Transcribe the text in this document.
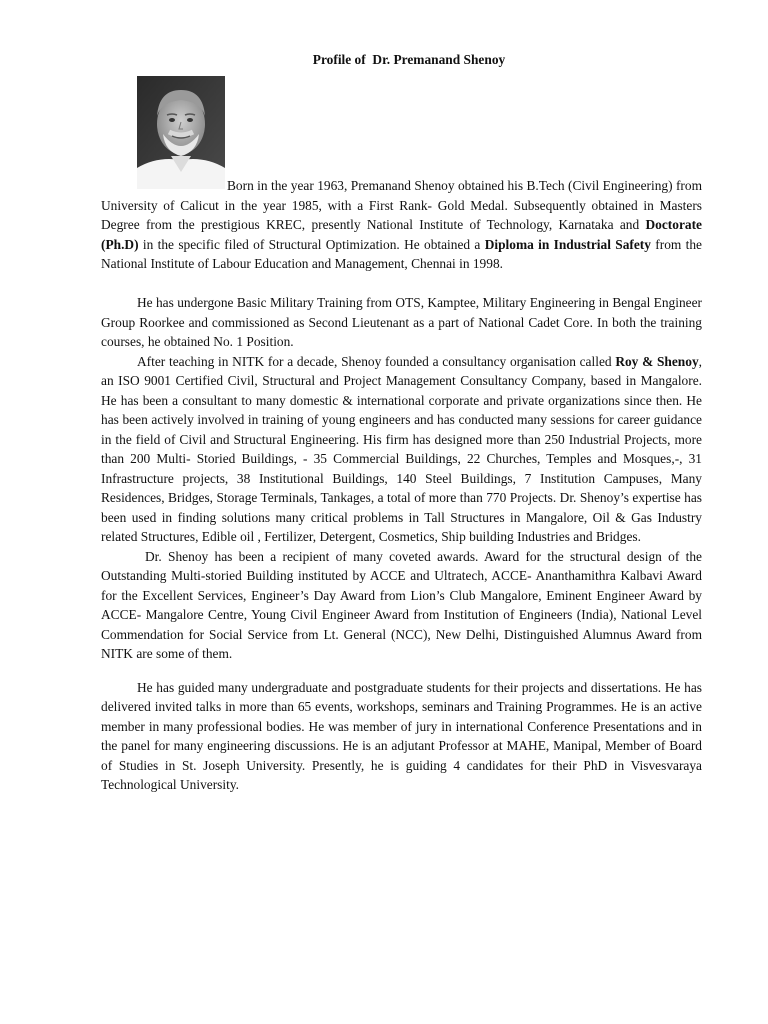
Profile of  Dr. Premanand Shenoy

Born in the year 1963, Premanand Shenoy obtained his B.Tech (Civil Engineering) from University of Calicut in the year 1985, with a First Rank- Gold Medal. Subsequently obtained in Masters Degree from the prestigious KREC, presently National Institute of Technology, Karnataka and Doctorate (Ph.D) in the specific filed of Structural Optimization. He obtained a Diploma in Industrial Safety from the National Institute of Labour Education and Management, Chennai in 1998.

He has undergone Basic Military Training from OTS, Kamptee, Military Engineering in Bengal Engineer Group Roorkee and commissioned as Second Lieutenant as a part of National Cadet Core. In both the training courses, he obtained No. 1 Position.

After teaching in NITK for a decade, Shenoy founded a consultancy organisation called Roy & Shenoy, an ISO 9001 Certified Civil, Structural and Project Management Consultancy Company, based in Mangalore. He has been a consultant to many domestic & international corporate and private organizations since then. He has been actively involved in training of young engineers and has conducted many sessions for career guidance in the field of Civil and Structural Engineering. His firm has designed more than 250 Industrial Projects, more than 200 Multi- Storied Buildings, - 35 Commercial Buildings, 22 Churches, Temples and Mosques,-, 31 Infrastructure projects, 38 Institutional Buildings, 140 Steel Buildings, 7 Institution Campuses, Many Residences, Bridges, Storage Terminals, Tankages, a total of more than 770 Projects. Dr. Shenoy’s expertise has been used in finding solutions many critical problems in Tall Structures in Mangalore, Oil & Gas Industry related Structures, Edible oil , Fertilizer, Detergent, Cosmetics, Ship building Industries and Bridges.

Dr. Shenoy has been a recipient of many coveted awards. Award for the structural design of the Outstanding Multi-storied Building instituted by ACCE and Ultratech, ACCE- Ananthamithra Kalbavi Award for the Excellent Services, Engineer’s Day Award from Lion’s Club Mangalore, Eminent Engineer Award by ACCE- Mangalore Centre, Young Civil Engineer Award from Institution of Engineers (India), National Level Commendation for Social Service from Lt. General (NCC), New Delhi, Distinguished Alumnus Award from NITK are some of them.

He has guided many undergraduate and postgraduate students for their projects and dissertations. He has delivered invited talks in more than 65 events, workshops, seminars and Training Programmes. He is an active member in many professional bodies. He was member of jury in international Conference Presentations and in the panel for many engineering discussions. He is an adjutant Professor at MAHE, Manipal, Member of Board of Studies in St. Joseph University. Presently, he is guiding 4 candidates for their PhD in Visvesvaraya Technological University.
